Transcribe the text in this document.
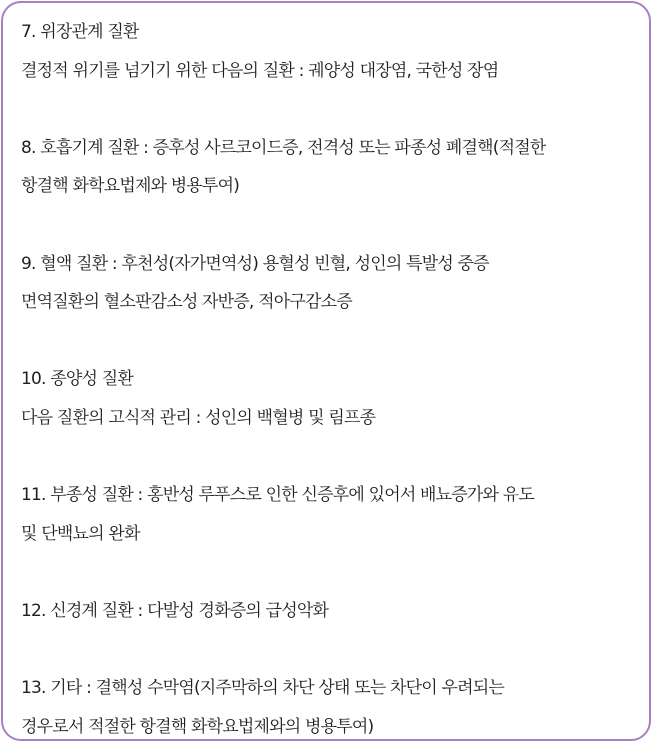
7. 위장관계 질환
결정적 위기를 넘기기 위한 다음의 질환 : 궤양성 대장염, 국한성 장염
8. 호흡기계 질환 : 증후성 사르코이드증, 전격성 또는 파종성 폐결핵(적절한
항결핵 화학요법제와 병용투여)
9. 혈액 질환 : 후천성(자가면역성) 용혈성 빈혈, 성인의 특발성 중증
면역질환의 혈소판감소성 자반증, 적아구감소증
10. 종양성 질환
다음 질환의 고식적 관리 : 성인의 백혈병 및 림프종
11. 부종성 질환 : 홍반성 루푸스로 인한 신증후에 있어서 배뇨증가와 유도
및 단백뇨의 완화
12. 신경계 질환 : 다발성 경화증의 급성악화
13. 기타 : 결핵성 수막염(지주막하의 차단 상태 또는 차단이 우려되는
경우로서 적절한 항결핵 화학요법제와의 병용투여)
